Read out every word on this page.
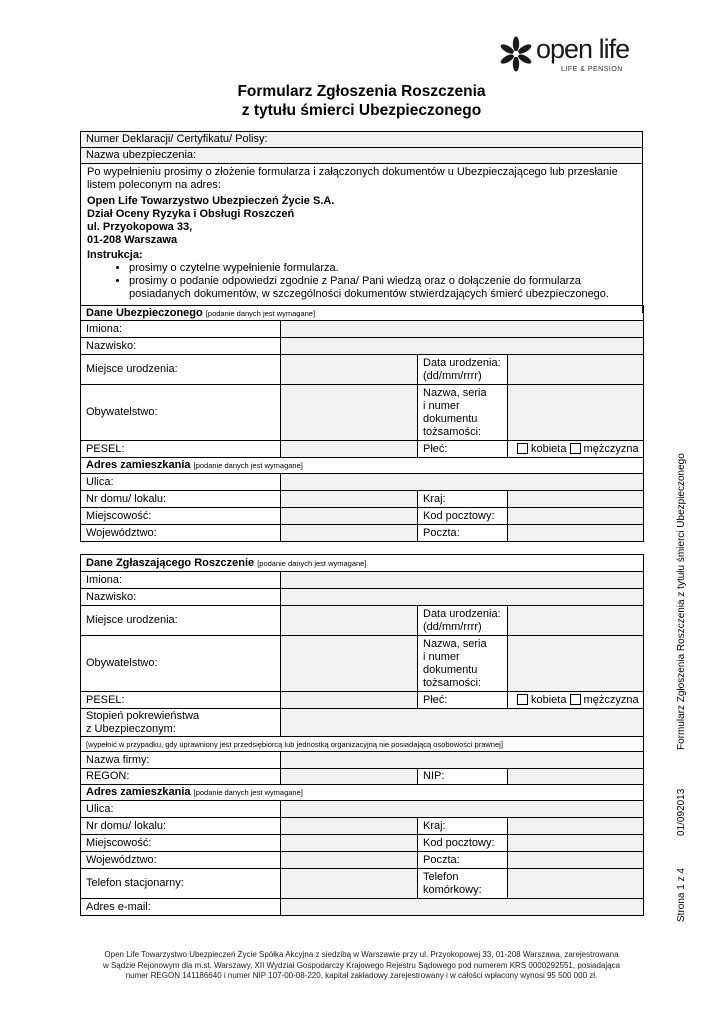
open life
LIFE & PENSION
Formularz Zgłoszenia Roszczenia
z tytułu śmierci Ubezpieczonego
Numer Deklaracji/ Certyfikatu/ Polisy:
Nazwa ubezpieczenia:

Po wypełnieniu prosimy o złożenie formularza i załączonych dokumentów u Ubezpieczającego lub przesłanie listem poleconym na adres:

Open Life Towarzystwo Ubezpieczeń Życie S.A.

Dział Oceny Ryzyka i Obsługi Roszczeń

ul. Przyokopowa 33,

01-208 Warszawa

Instrukcja:

• prosimy o czytelne wypełnienie formularza.
• prosimy o podanie odpowiedzi zgodnie z Pana/ Pani wiedzą oraz o dołączenie do formularza posiadanych dokumentów, w szczególności dokumentów stwierdzających śmierć ubezpieczonego.
Dane Ubezpieczonego [podanie danych jest wymagane]			
Imiona:			
Nazwisko:			
Miejsce urodzenia:		Data urodzenia:
(dd/mm/rrrr)	
Obywatelstwo:		Nazwa, seria
i numer
dokumentu
tożsamości:	
PESEL:		Płeć:	kobieta mężczyzna
Adres zamieszkania [podanie danych jest wymagane]			
Ulica:			
Nr domu/ lokalu:		Kraj:	
Miejscowość:		Kod pocztowy:	
Województwo:		Poczta:	
Dane Zgłaszającego Roszczenie [podanie danych jest wymagane]			
Imiona:			
Nazwisko:			
Miejsce urodzenia:		Data urodzenia:
(dd/mm/rrrr)	
Obywatelstwo:		Nazwa, seria
i numer
dokumentu
tożsamości:	
PESEL:		Płeć:	kobieta mężczyzna
Stopień pokrewieństwa
z Ubezpieczonym:			
[wypełnić w przypadku, gdy uprawniony jest przedsiębiorcą lub jednostką organizacyjną nie posiadającą osobowości prawnej]			
Nazwa firmy:			
REGON:		NIP:	
Adres zamieszkania [podanie danych jest wymagane]			
Ulica:			
Nr domu/ lokalu:		Kraj:	
Miejscowość:		Kod pocztowy:	
Województwo:		Poczta:	
Telefon stacjonarny:		Telefon
komórkowy:	
Adres e-mail:			
Formularz Zgłoszenia Roszczenia z tytułu śmierci Ubezpieczonego
01/092013
Strona 1 z 4
Open Life Towarzystwo Ubezpieczeń Życie Spółka Akcyjna z siedzibą w Warszawie przy ul. Przyokopowej 33, 01-208 Warszawa, zarejestrowana
w Sądzie Rejonowym dla m.st. Warszawy, XII Wydział Gospodarczy Krajowego Rejestru Sądowego pod numerem KRS 0000292551, posiadająca
numer REGON 141186640 i numer NIP 107-00-08-220, kapitał zakładowy zarejestrowany i w całości wpłacony wynosi 95 500 000 zł.
